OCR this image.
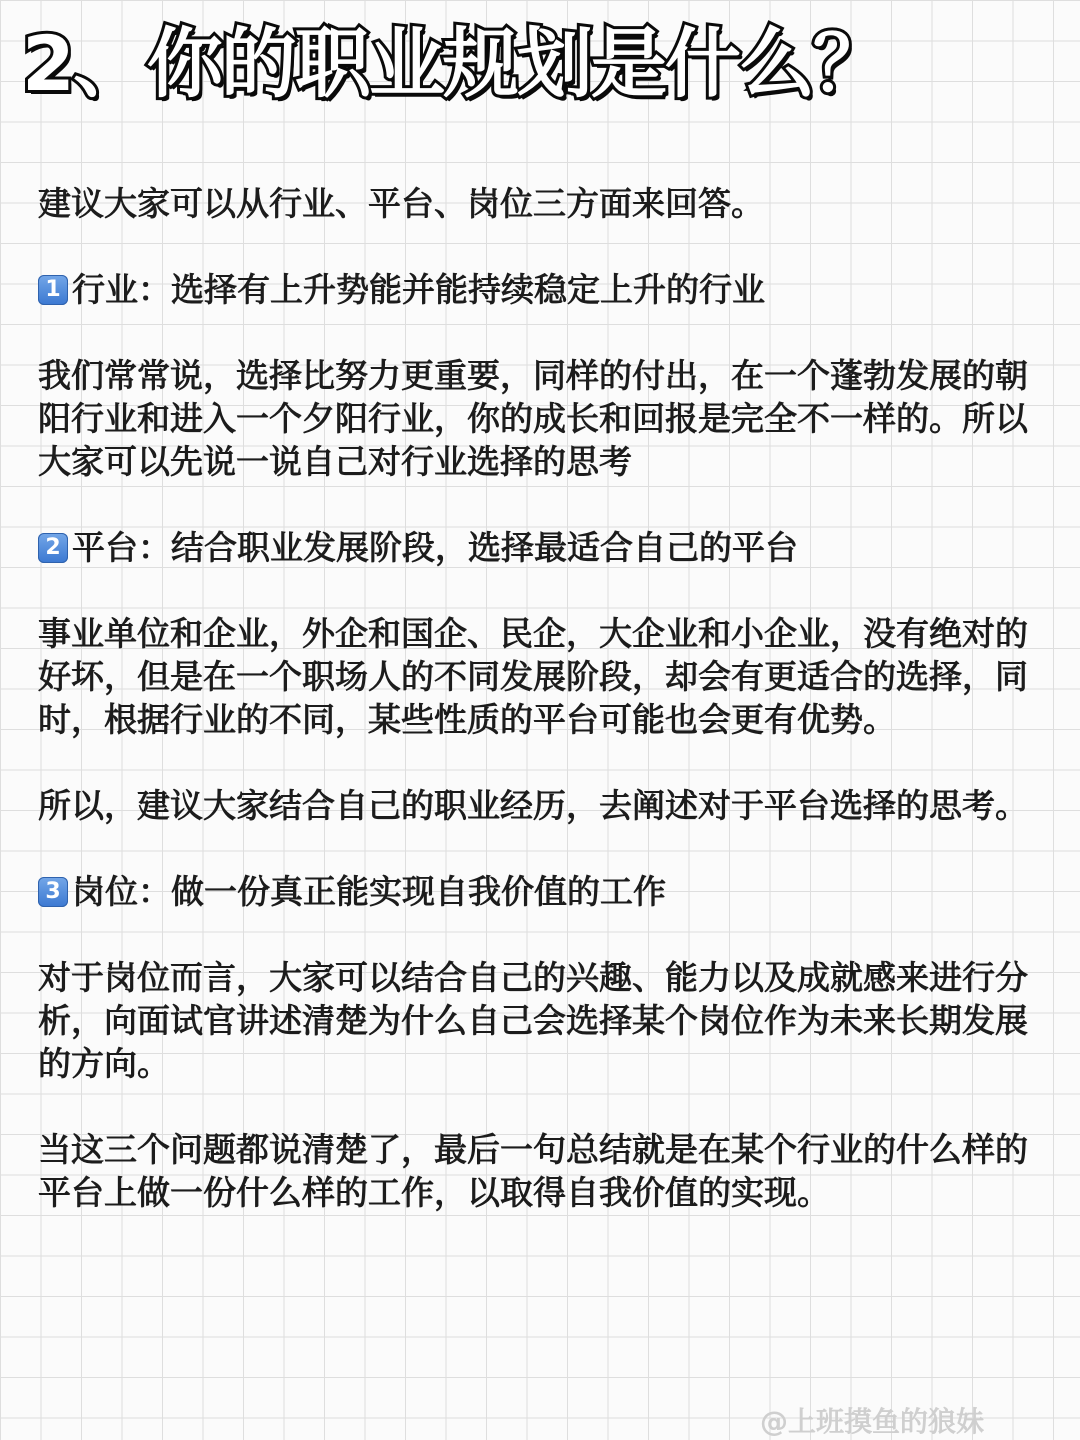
2、你的职业规划是什么？

建议大家可以从行业、平台、岗位三方面来回答。

1 行业：选择有上升势能并能持续稳定上升的行业

我们常常说，选择比努力更重要，同样的付出，在一个蓬勃发展的朝阳行业和进入一个夕阳行业，你的成长和回报是完全不一样的。所以大家可以先说一说自己对行业选择的思考

2 平台：结合职业发展阶段，选择最适合自己的平台

事业单位和企业，外企和国企、民企，大企业和小企业，没有绝对的好坏，但是在一个职场人的不同发展阶段，却会有更适合的选择，同时，根据行业的不同，某些性质的平台可能也会更有优势。

所以，建议大家结合自己的职业经历，去阐述对于平台选择的思考。

3 岗位：做一份真正能实现自我价值的工作

对于岗位而言，大家可以结合自己的兴趣、能力以及成就感来进行分析，向面试官讲述清楚为什么自己会选择某个岗位作为未来长期发展的方向。

当这三个问题都说清楚了，最后一句总结就是在某个行业的什么样的平台上做一份什么样的工作，以取得自我价值的实现。

@上班摸鱼的狼妹
